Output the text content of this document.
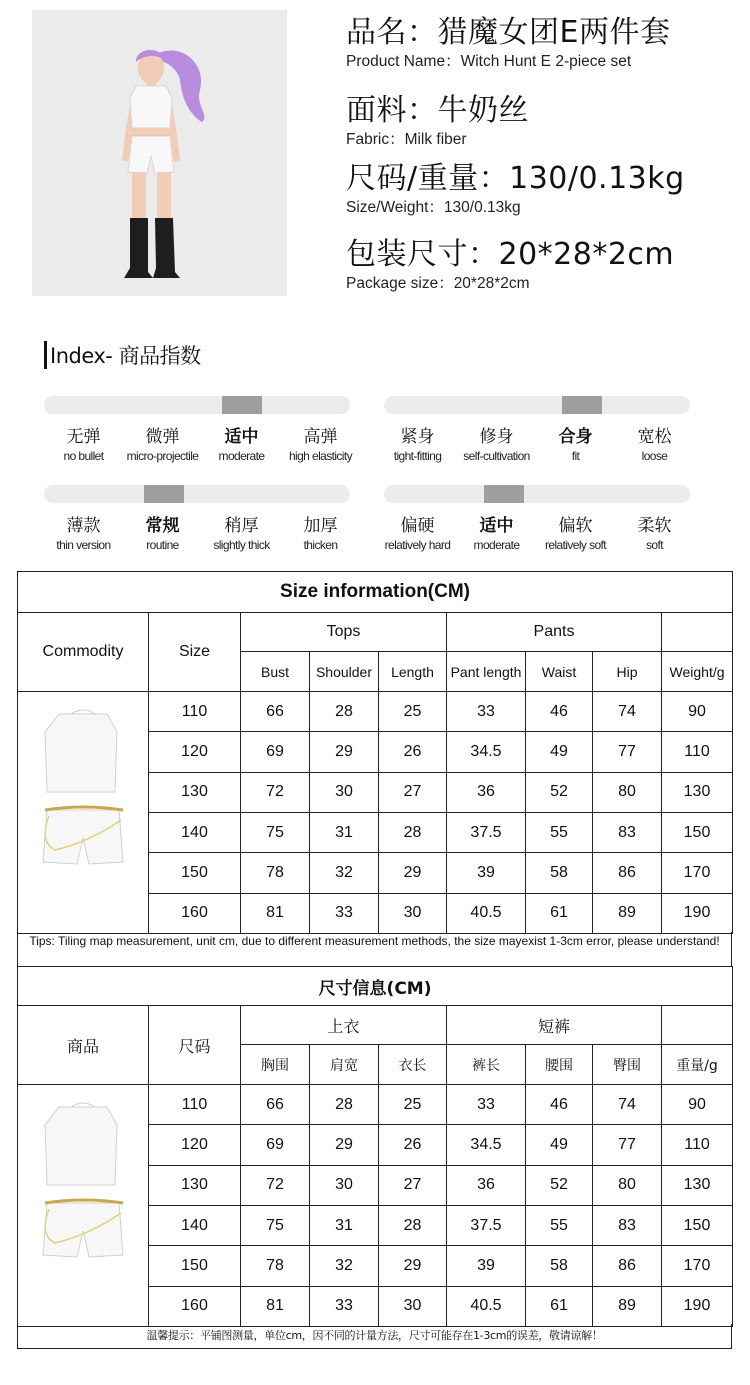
品名：猎魔女团E两件套
Product Name：Witch Hunt E 2-piece set
面料：牛奶丝
Fabric：Milk fiber
尺码/重量：130/0.13kg
Size/Weight：130/0.13kg
包装尺寸：20*28*2cm
Package size：20*28*2cm
Index- 商品指数
无弹
no bullet
微弹
micro-projectile
适中
moderate
高弹
high elasticity
紧身
tight-fitting
修身
self-cultivation
合身
fit
宽松
loose
薄款
thin version
常规
routine
稍厚
slightly thick
加厚
thicken
偏硬
relatively hard
适中
moderate
偏软
relatively soft
柔软
soft
Size information(CM)								
Commodity	Size	Tops			Pants			
		Bust	Shoulder	Length	Pant length	Waist	Hip	Weight/g
	110	66	28	25	33	46	74	90
	120	69	29	26	34.5	49	77	110
	130	72	30	27	36	52	80	130
	140	75	31	28	37.5	55	83	150
	150	78	32	29	39	58	86	170
	160	81	33	30	40.5	61	89	190
Tips: Tiling map measurement, unit cm, due to different measurement methods, the size mayexist 1-3cm error, please understand!
尺寸信息(CM)								
商品	尺码	上衣			短裤			
		胸围	肩宽	衣长	裤长	腰围	臀围	重量/g
	110	66	28	25	33	46	74	90
	120	69	29	26	34.5	49	77	110
	130	72	30	27	36	52	80	130
	140	75	31	28	37.5	55	83	150
	150	78	32	29	39	58	86	170
	160	81	33	30	40.5	61	89	190
温馨提示：平铺图测量，单位cm，因不同的计量方法，尺寸可能存在1-3cm的误差，敬请谅解！
